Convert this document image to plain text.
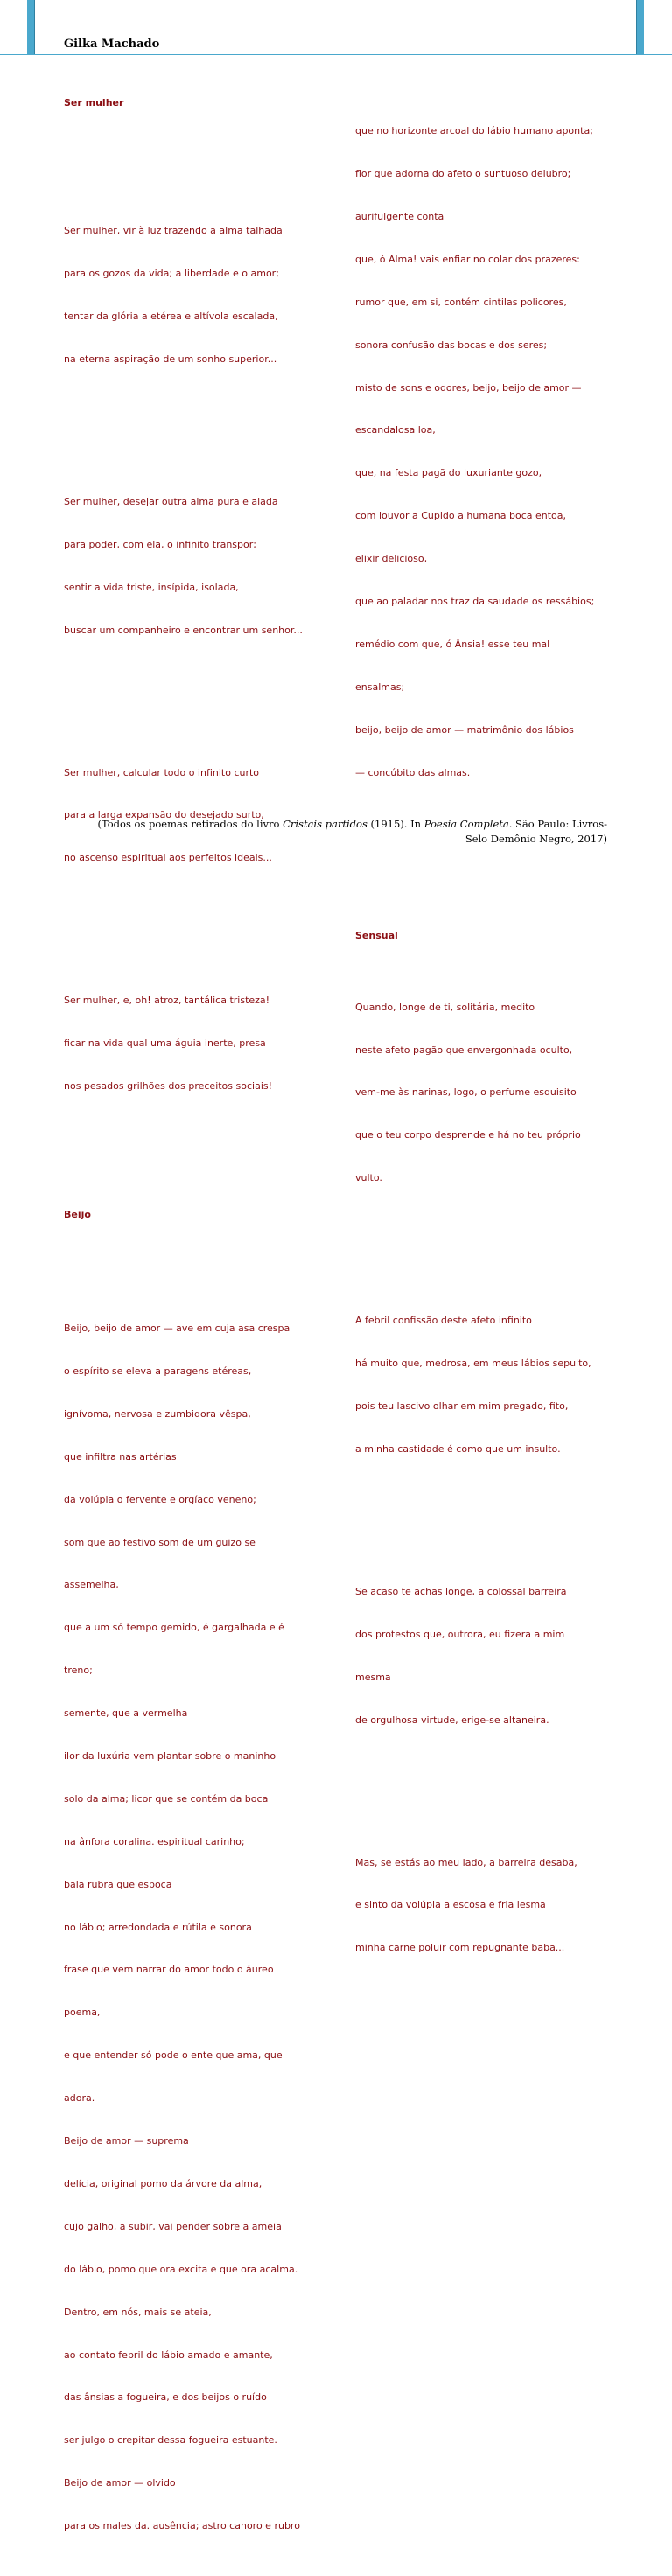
Gilka Machado

Ser mulher

Ser mulher, vir à luz trazendo a alma talhada

para os gozos da vida; a liberdade e o amor;

tentar da glória a etérea e altívola escalada,

na eterna aspiração de um sonho superior...

Ser mulher, desejar outra alma pura e alada

para poder, com ela, o infinito transpor;

sentir a vida triste, insípida, isolada,

buscar um companheiro e encontrar um senhor...

Ser mulher, calcular todo o infinito curto

para a larga expansão do desejado surto,

no ascenso espiritual aos perfeitos ideais...

Ser mulher, e, oh! atroz, tantálica tristeza!

ficar na vida qual uma águia inerte, presa

nos pesados grilhões dos preceitos sociais!

Beijo

Beijo, beijo de amor — ave em cuja asa crespa

o espírito se eleva a paragens etéreas,

ignívoma, nervosa e zumbidora vêspa,

que infiltra nas artérias

da volúpia o fervente e orgíaco veneno;

som que ao festivo som de um guizo se

assemelha,

que a um só tempo gemido, é gargalhada e é

treno;

semente, que a vermelha

ilor da luxúria vem plantar sobre o maninho

solo da alma; licor que se contém da boca

na ânfora coralina. espiritual carinho;

bala rubra que espoca

no lábio; arredondada e rútila e sonora

frase que vem narrar do amor todo o áureo

poema,

e que entender só pode o ente que ama, que

adora.

Beijo de amor — suprema

delícia, original pomo da árvore da alma,

cujo galho, a subir, vai pender sobre a ameia

do lábio, pomo que ora excita e que ora acalma.

Dentro, em nós, mais se ateia,

ao contato febril do lábio amado e amante,

das ânsias a fogueira, e dos beijos o ruído

ser julgo o crepitar dessa fogueira estuante.

Beijo de amor — olvido

para os males da. ausência; astro canoro e rubro

que no horizonte arcoal do lábio humano aponta;

flor que adorna do afeto o suntuoso delubro;

aurifulgente conta

que, ó Alma! vais enfiar no colar dos prazeres:

rumor que, em si, contém cintilas policores,

sonora confusão das bocas e dos seres;

misto de sons e odores, beijo, beijo de amor —

escandalosa loa,

que, na festa pagã do luxuriante gozo,

com louvor a Cupido a humana boca entoa,

elixir delicioso,

que ao paladar nos traz da saudade os ressábios;

remédio com que, ó Ânsia! esse teu mal

ensalmas;

beijo, beijo de amor — matrimônio dos lábios

— concúbito das almas.

Sensual

Quando, longe de ti, solitária, medito

neste afeto pagão que envergonhada oculto,

vem-me às narinas, logo, o perfume esquisito

que o teu corpo desprende e há no teu próprio

vulto.

A febril confissão deste afeto infinito

há muito que, medrosa, em meus lábios sepulto,

pois teu lascivo olhar em mim pregado, fito,

a minha castidade é como que um insulto.

Se acaso te achas longe, a colossal barreira

dos protestos que, outrora, eu fizera a mim

mesma

de orgulhosa virtude, erige-se altaneira.

Mas, se estás ao meu lado, a barreira desaba,

e sinto da volúpia a escosa e fria lesma

minha carne poluir com repugnante baba...

(Todos os poemas retirados do livro Cristais partidos (1915). In Poesia Completa. São Paulo: Livros-
Selo Demônio Negro, 2017)
